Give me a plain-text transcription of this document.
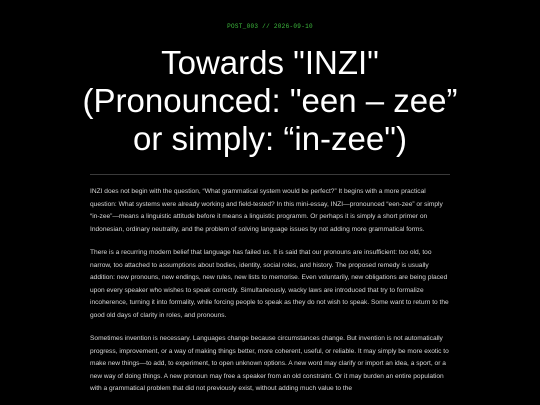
POST_003 // 2026-09-10
Towards "INZI"(Pronounced: "een – zee” or simply: “in-zee")

INZI does not begin with the question, “What grammatical system would be perfect?” It begins with a more practical question: What systems were already working and field-tested? In this mini-essay, INZI—pronounced “een-zee” or simply “in-zee”—means a linguistic attitude before it means a linguistic programm. Or perhaps it is simply a short primer on Indonesian, ordinary neutrality, and the problem of solving language issues by not adding more grammatical forms.

There is a recurring modern belief that language has failed us. It is said that our pronouns are insufficient: too old, too narrow, too attached to assumptions about bodies, identity, social roles, and history. The proposed remedy is usually addition: new pronouns, new endings, new rules, new lists to memorise. Even voluntarily, new obligations are being placed upon every speaker who wishes to speak correctly. Simultaneously, wacky laws are introduced that try to formalize incoherence, turning it into formality, while forcing people to speak as they do not wish to speak. Some want to return to the good old days of clarity in roles, and pronouns.

Sometimes invention is necessary. Languages change because circumstances change. But invention is not automatically progress, improvement, or a way of making things better, more coherent, useful, or reliable. It may simply be more exotic to make new things—to add, to experiment, to open unknown options. A new word may clarify or import an idea, a sport, or a new way of doing things. A new pronoun may free a speaker from an old constraint. Or it may burden an entire population with a grammatical problem that did not previously exist, without adding much value to the
